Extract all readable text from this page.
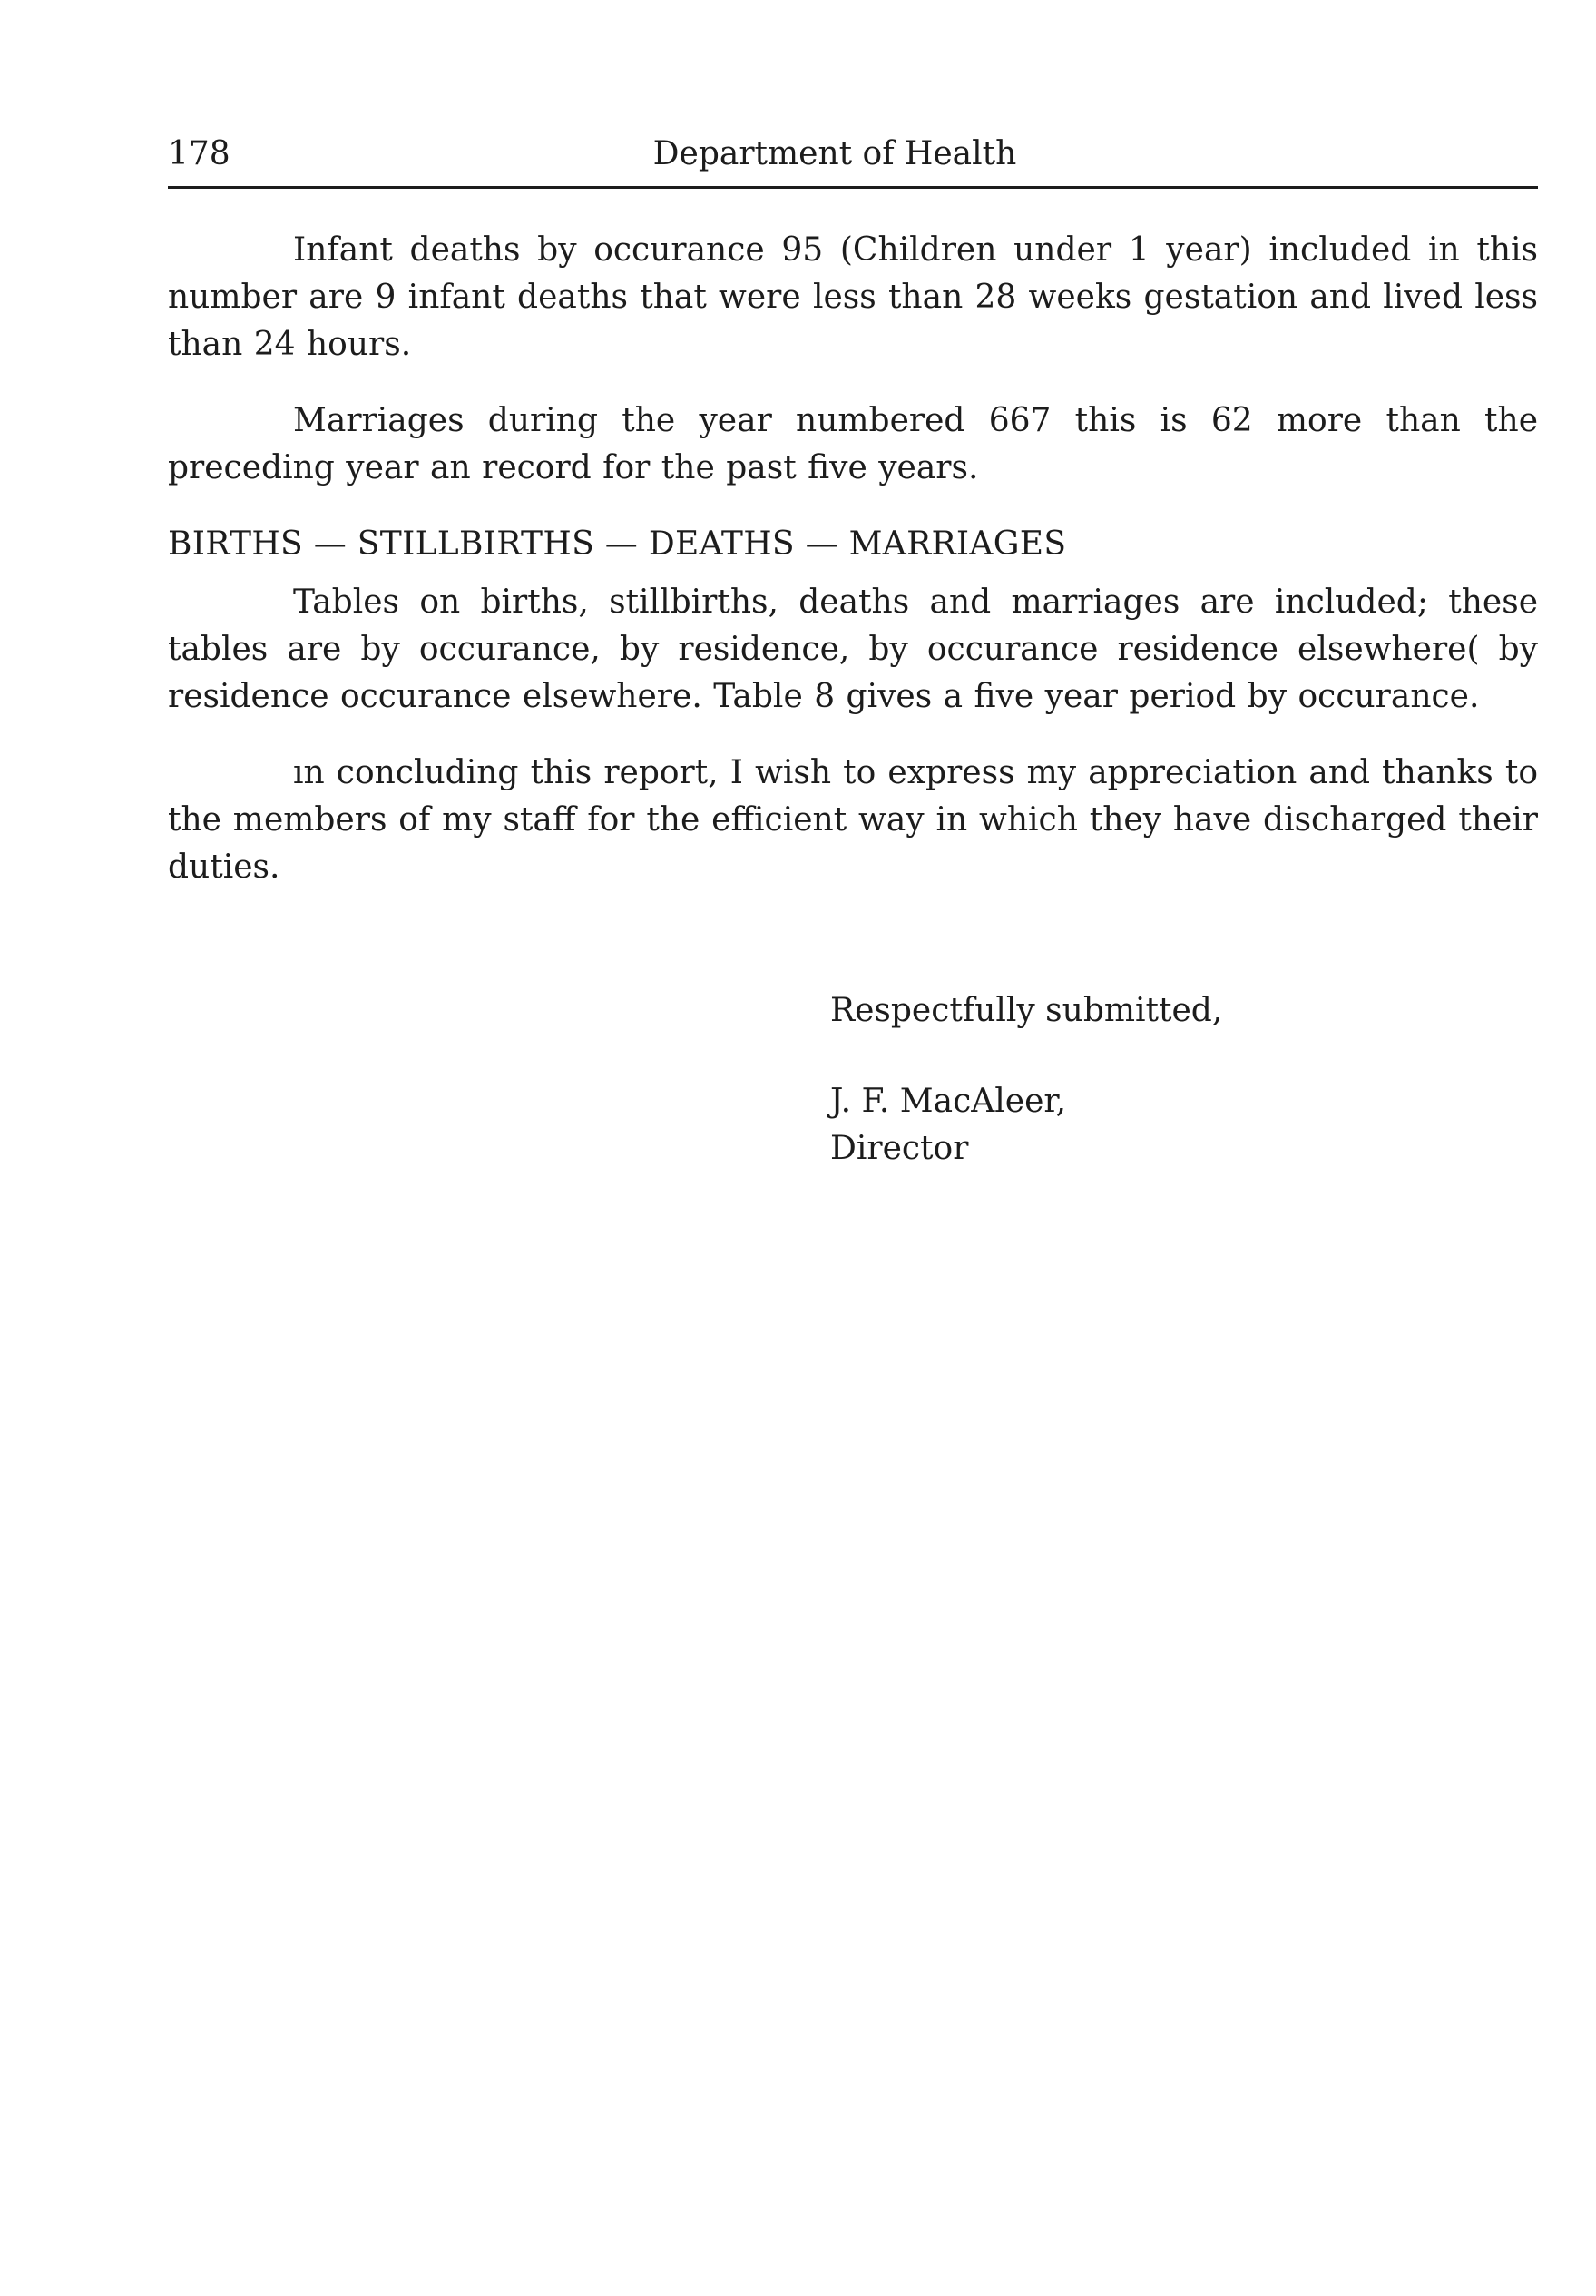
178	Department of Health

Infant deaths by occurance 95 (Children under 1 year) included in this number are 9 infant deaths that were less than 28 weeks gestation and lived less than 24 hours.

Marriages during the year numbered 667 this is 62 more than the preceding year an record for the past five years.

BIRTHS — STILLBIRTHS — DEATHS — MARRIAGES

Tables on births, stillbirths, deaths and marriages are included; these tables are by occurance, by residence, by occurance residence elsewhere( by residence occurance elsewhere. Table 8 gives a five year period by occurance.

ın concluding this report, I wish to express my appreciation and thanks to the members of my staff for the efficient way in which they have discharged their duties.

Respectfully submitted,

J. F. MacAleer,

Director
